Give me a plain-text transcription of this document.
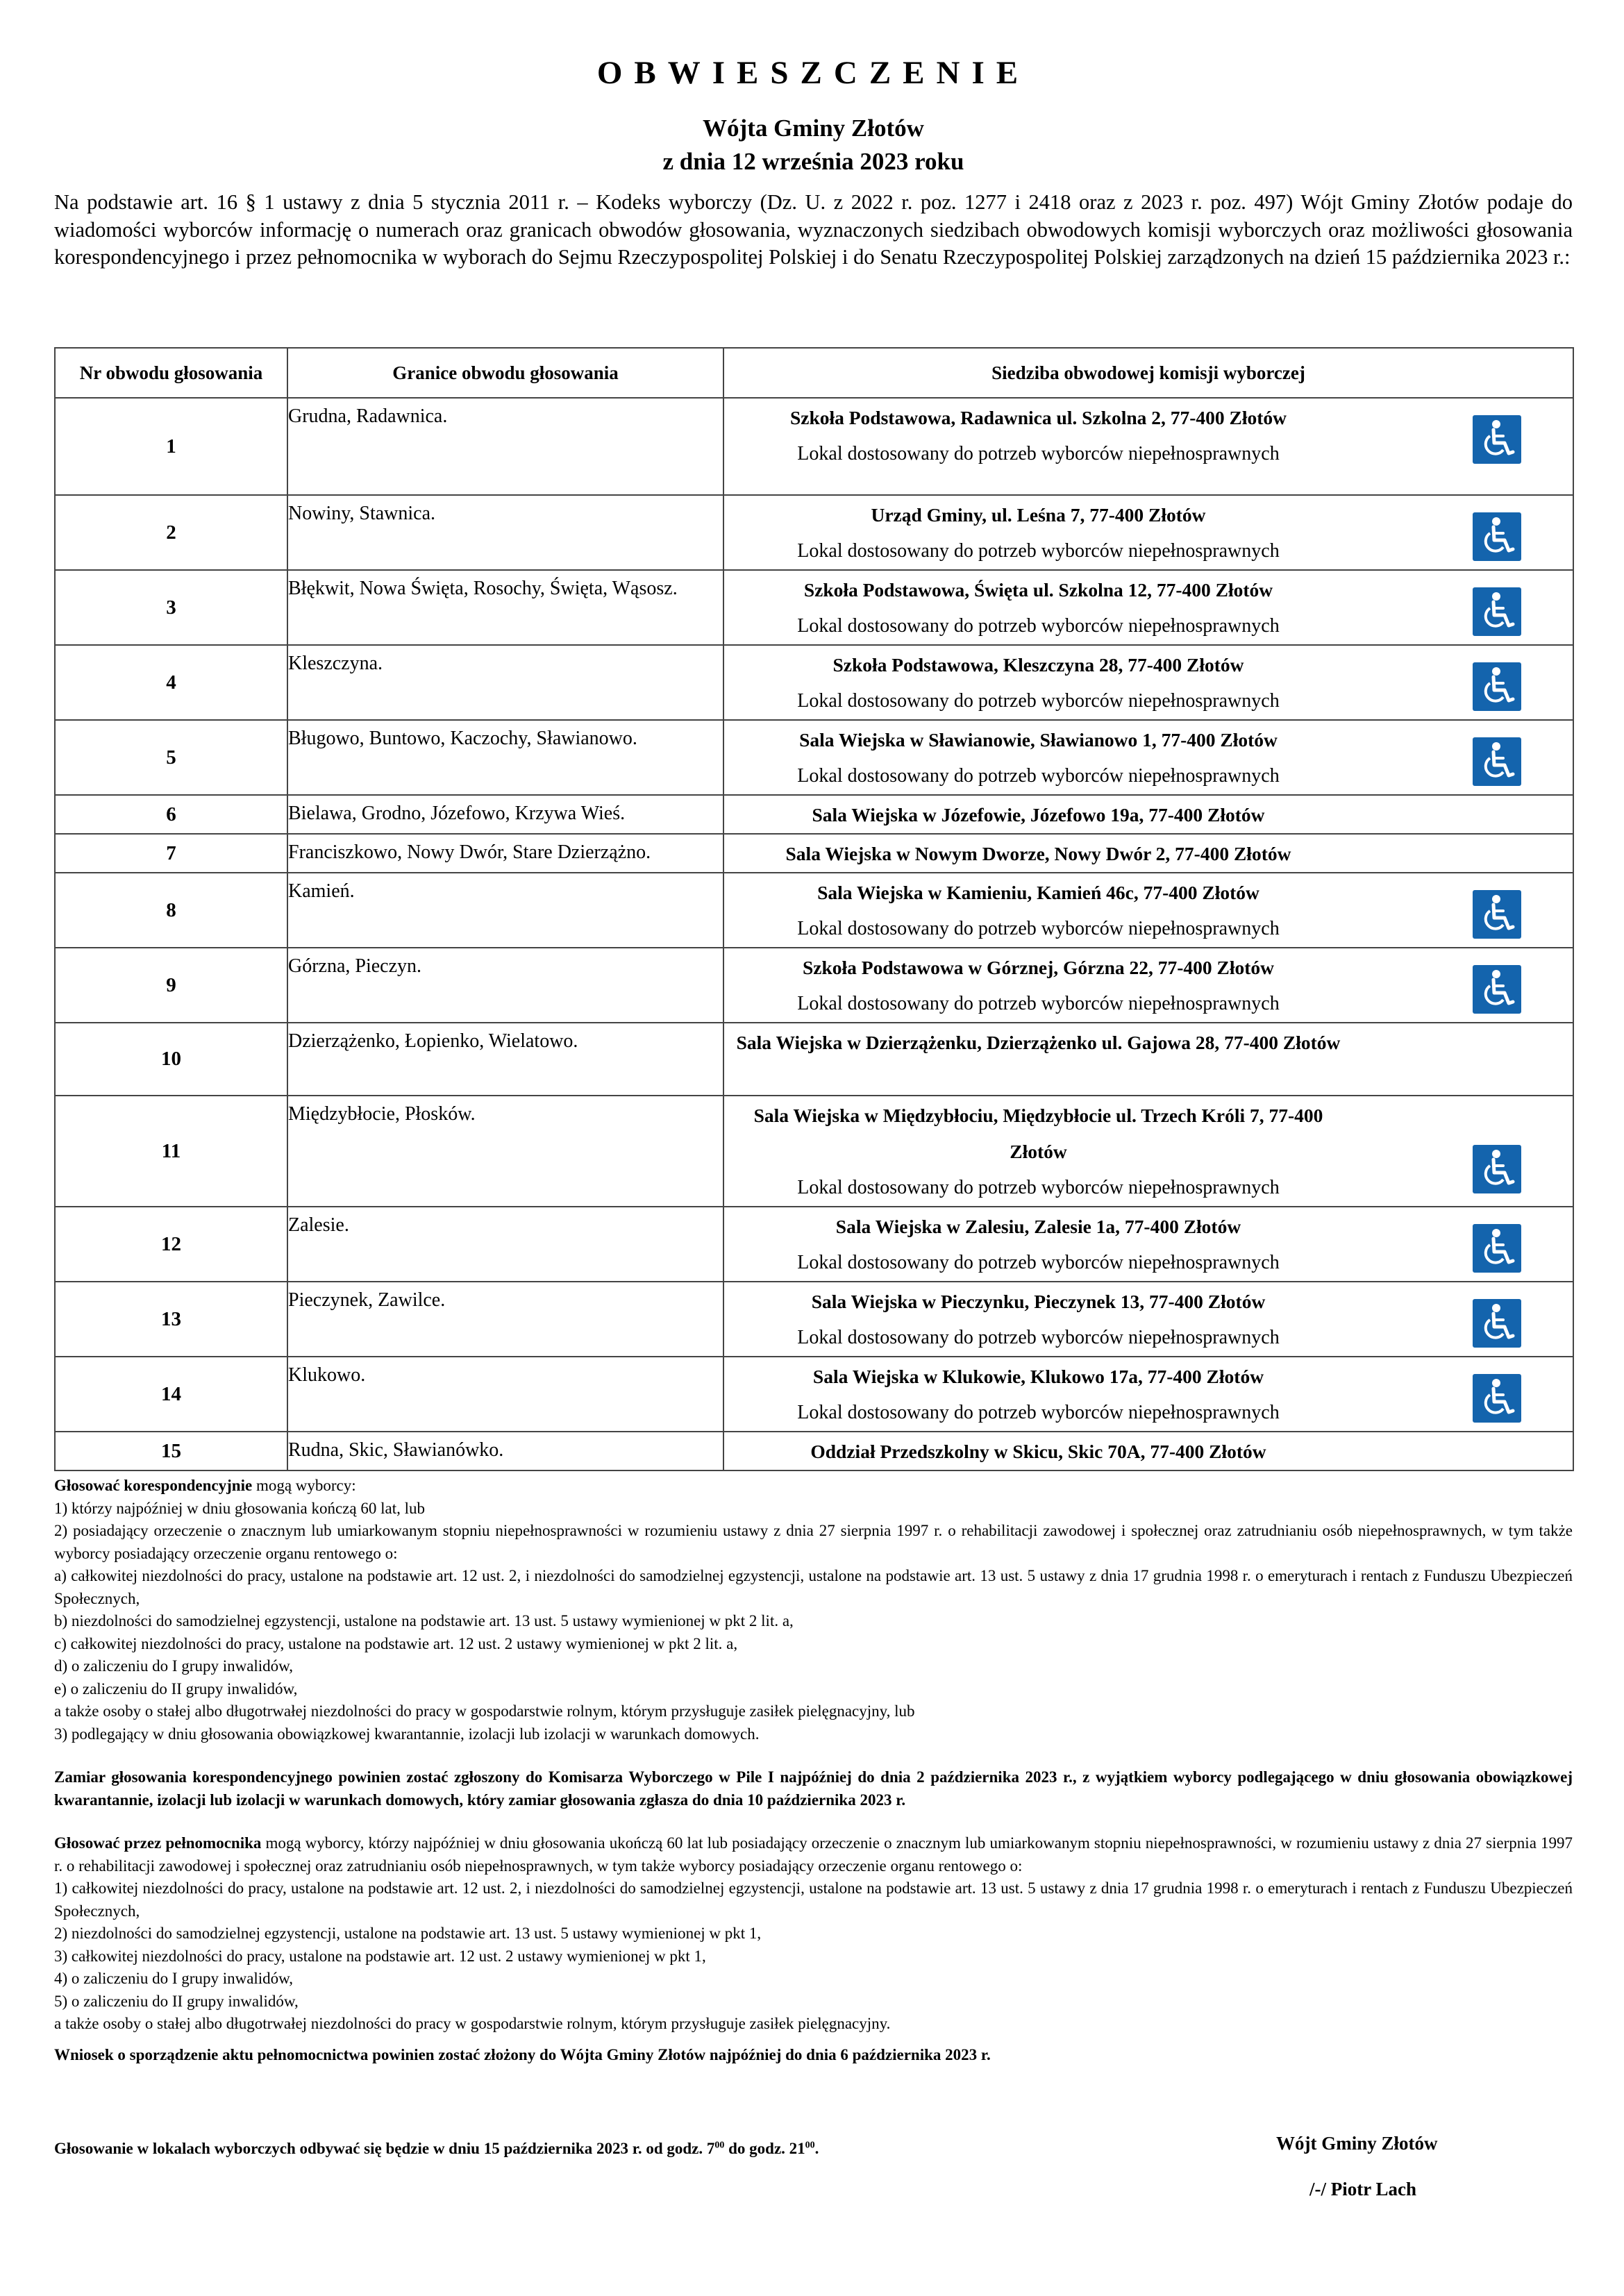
OBWIESZCZENIE
Wójta Gminy Złotów
z dnia 12 września 2023 roku
Na podstawie art. 16 § 1 ustawy z dnia 5 stycznia 2011 r. – Kodeks wyborczy (Dz. U. z 2022 r. poz. 1277 i 2418 oraz z 2023 r. poz. 497) Wójt Gminy Złotów podaje do wiadomości wyborców informację o numerach oraz granicach obwodów głosowania, wyznaczonych siedzibach obwodowych komisji wyborczych oraz możliwości głosowania korespondencyjnego i przez pełnomocnika w wyborach do Sejmu Rzeczypospolitej Polskiej i do Senatu Rzeczypospolitej Polskiej zarządzonych na dzień 15 października 2023 r.:
Nr obwodu głosowania	Granice obwodu głosowania	Siedziba obwodowej komisji wyborczej
1	Grudna, Radawnica.	Szkoła Podstawowa, Radawnica ul. Szkolna 2, 77-400 Złotów
Lokal dostosowany do potrzeb wyborców niepełnosprawnych

2	Nowiny, Stawnica.	Urząd Gminy, ul. Leśna 7, 77-400 Złotów
Lokal dostosowany do potrzeb wyborców niepełnosprawnych

3	Błękwit, Nowa Święta, Rosochy, Święta, Wąsosz.	Szkoła Podstawowa, Święta ul. Szkolna 12, 77-400 Złotów
Lokal dostosowany do potrzeb wyborców niepełnosprawnych

4	Kleszczyna.	Szkoła Podstawowa, Kleszczyna 28, 77-400 Złotów
Lokal dostosowany do potrzeb wyborców niepełnosprawnych

5	Bługowo, Buntowo, Kaczochy, Sławianowo.	Sala Wiejska w Sławianowie, Sławianowo 1, 77-400 Złotów
Lokal dostosowany do potrzeb wyborców niepełnosprawnych

6	Bielawa, Grodno, Józefowo, Krzywa Wieś.	Sala Wiejska w Józefowie, Józefowo 19a, 77-400 Złotów

7	Franciszkowo, Nowy Dwór, Stare Dzierzążno.	Sala Wiejska w Nowym Dworze, Nowy Dwór 2, 77-400 Złotów

8	Kamień.	Sala Wiejska w Kamieniu, Kamień 46c, 77-400 Złotów
Lokal dostosowany do potrzeb wyborców niepełnosprawnych

9	Górzna, Pieczyn.	Szkoła Podstawowa w Górznej, Górzna 22, 77-400 Złotów
Lokal dostosowany do potrzeb wyborców niepełnosprawnych

10	Dzierzążenko, Łopienko, Wielatowo.	Sala Wiejska w Dzierzążenku, Dzierzążenko ul. Gajowa 28, 77-400 Złotów

11	Międzybłocie, Płosków.	Sala Wiejska w Międzybłociu, Międzybłocie ul. Trzech Króli 7, 77-400 Złotów
Lokal dostosowany do potrzeb wyborców niepełnosprawnych

12	Zalesie.	Sala Wiejska w Zalesiu, Zalesie 1a, 77-400 Złotów
Lokal dostosowany do potrzeb wyborców niepełnosprawnych

13	Pieczynek, Zawilce.	Sala Wiejska w Pieczynku, Pieczynek 13, 77-400 Złotów
Lokal dostosowany do potrzeb wyborców niepełnosprawnych

14	Klukowo.	Sala Wiejska w Klukowie, Klukowo 17a, 77-400 Złotów
Lokal dostosowany do potrzeb wyborców niepełnosprawnych

15	Rudna, Skic, Sławianówko.	Oddział Przedszkolny w Skicu, Skic 70A, 77-400 Złotów

Głosować korespondencyjnie mogą wyborcy:

1) którzy najpóźniej w dniu głosowania kończą 60 lat, lub

2) posiadający orzeczenie o znacznym lub umiarkowanym stopniu niepełnosprawności w rozumieniu ustawy z dnia 27 sierpnia 1997 r. o rehabilitacji zawodowej i społecznej oraz zatrudnianiu osób niepełnosprawnych, w tym także wyborcy posiadający orzeczenie organu rentowego o:

a) całkowitej niezdolności do pracy, ustalone na podstawie art. 12 ust. 2, i niezdolności do samodzielnej egzystencji, ustalone na podstawie art. 13 ust. 5 ustawy z dnia 17 grudnia 1998 r. o emeryturach i rentach z Funduszu Ubezpieczeń Społecznych,

b) niezdolności do samodzielnej egzystencji, ustalone na podstawie art. 13 ust. 5 ustawy wymienionej w pkt 2 lit. a,

c) całkowitej niezdolności do pracy, ustalone na podstawie art. 12 ust. 2 ustawy wymienionej w pkt 2 lit. a,

d) o zaliczeniu do I grupy inwalidów,

e) o zaliczeniu do II grupy inwalidów,

a także osoby o stałej albo długotrwałej niezdolności do pracy w gospodarstwie rolnym, którym przysługuje zasiłek pielęgnacyjny, lub

3) podlegający w dniu głosowania obowiązkowej kwarantannie, izolacji lub izolacji w warunkach domowych.

Zamiar głosowania korespondencyjnego powinien zostać zgłoszony do Komisarza Wyborczego w Pile I najpóźniej do dnia 2 października 2023 r., z wyjątkiem wyborcy podlegającego w dniu głosowania obowiązkowej kwarantannie, izolacji lub izolacji w warunkach domowych, który zamiar głosowania zgłasza do dnia 10 października 2023 r.

Głosować przez pełnomocnika mogą wyborcy, którzy najpóźniej w dniu głosowania ukończą 60 lat lub posiadający orzeczenie o znacznym lub umiarkowanym stopniu niepełnosprawności, w rozumieniu ustawy z dnia 27 sierpnia 1997 r. o rehabilitacji zawodowej i społecznej oraz zatrudnianiu osób niepełnosprawnych, w tym także wyborcy posiadający orzeczenie organu rentowego o:

1) całkowitej niezdolności do pracy, ustalone na podstawie art. 12 ust. 2, i niezdolności do samodzielnej egzystencji, ustalone na podstawie art. 13 ust. 5 ustawy z dnia 17 grudnia 1998 r. o emeryturach i rentach z Funduszu Ubezpieczeń Społecznych,

2) niezdolności do samodzielnej egzystencji, ustalone na podstawie art. 13 ust. 5 ustawy wymienionej w pkt 1,

3) całkowitej niezdolności do pracy, ustalone na podstawie art. 12 ust. 2 ustawy wymienionej w pkt 1,

4) o zaliczeniu do I grupy inwalidów,

5) o zaliczeniu do II grupy inwalidów,

a także osoby o stałej albo długotrwałej niezdolności do pracy w gospodarstwie rolnym, którym przysługuje zasiłek pielęgnacyjny.

Wniosek o sporządzenie aktu pełnomocnictwa powinien zostać złożony do Wójta Gminy Złotów najpóźniej do dnia 6 października 2023 r.

Głosowanie w lokalach wyborczych odbywać się będzie w dniu 15 października 2023 r. od godz. $7^{00}$ do godz. $21^{00}$.	Wójt Gminy Złotów
/-/ Piotr Lach
